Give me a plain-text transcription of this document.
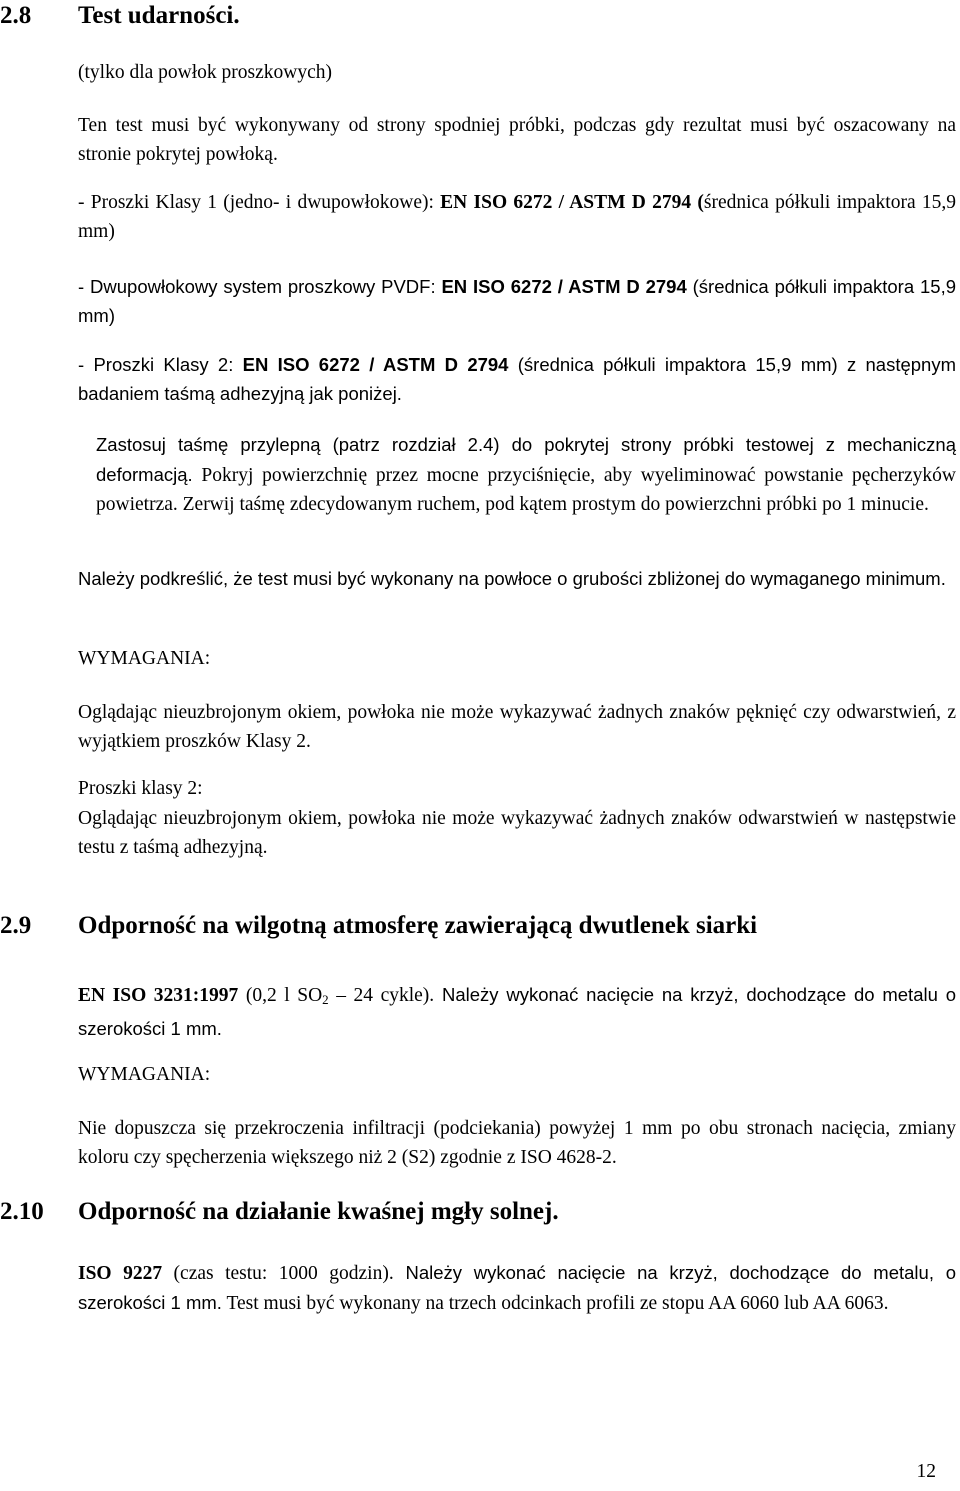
2.8 Test udarności.
(tylko dla powłok proszkowych)
Ten test musi być wykonywany od strony spodniej próbki, podczas gdy rezultat musi być oszacowany na stronie pokrytej powłoką.
- Proszki Klasy 1 (jedno- i dwupowłokowe): EN ISO 6272 / ASTM D 2794 (średnica półkuli impaktora 15,9 mm)
- Dwupowłokowy system proszkowy PVDF: EN ISO 6272 / ASTM D 2794 (średnica półkuli impaktora 15,9 mm)
- Proszki Klasy 2: EN ISO 6272 / ASTM D 2794 (średnica półkuli impaktora 15,9 mm) z następnym badaniem taśmą adhezyjną jak poniżej.
Zastosuj taśmę przylepną (patrz rozdział 2.4) do pokrytej strony próbki testowej z mechaniczną deformacją. Pokryj powierzchnię przez mocne przyciśnięcie, aby wyeliminować powstanie pęcherzyków powietrza. Zerwij taśmę zdecydowanym ruchem, pod kątem prostym do powierzchni próbki po 1 minucie.
Należy podkreślić, że test musi być wykonany na powłoce o grubości zbliżonej do wymaganego minimum.
WYMAGANIA:
Oglądając nieuzbrojonym okiem, powłoka nie może wykazywać żadnych znaków pęknięć czy odwarstwień, z wyjątkiem proszków Klasy 2.
Proszki klasy 2:
Oglądając nieuzbrojonym okiem, powłoka nie może wykazywać żadnych znaków odwarstwień w następstwie testu z taśmą adhezyjną.
2.9 Odporność na wilgotną atmosferę zawierającą dwutlenek siarki
EN ISO 3231:1997 (0,2 l $SO_2 - 24$ cykle). Należy wykonać nacięcie na krzyż, dochodzące do metalu o szerokości 1 mm.
WYMAGANIA:
Nie dopuszcza się przekroczenia infiltracji (podciekania) powyżej 1 mm po obu stronach nacięcia, zmiany koloru czy spęcherzenia większego niż 2 (S2) zgodnie z ISO 4628-2.
2.10 Odporność na działanie kwaśnej mgły solnej.
ISO 9227 (czas testu: 1000 godzin). Należy wykonać nacięcie na krzyż, dochodzące do metalu, o szerokości 1 mm. Test musi być wykonany na trzech odcinkach profili ze stopu AA 6060 lub AA 6063.
12
